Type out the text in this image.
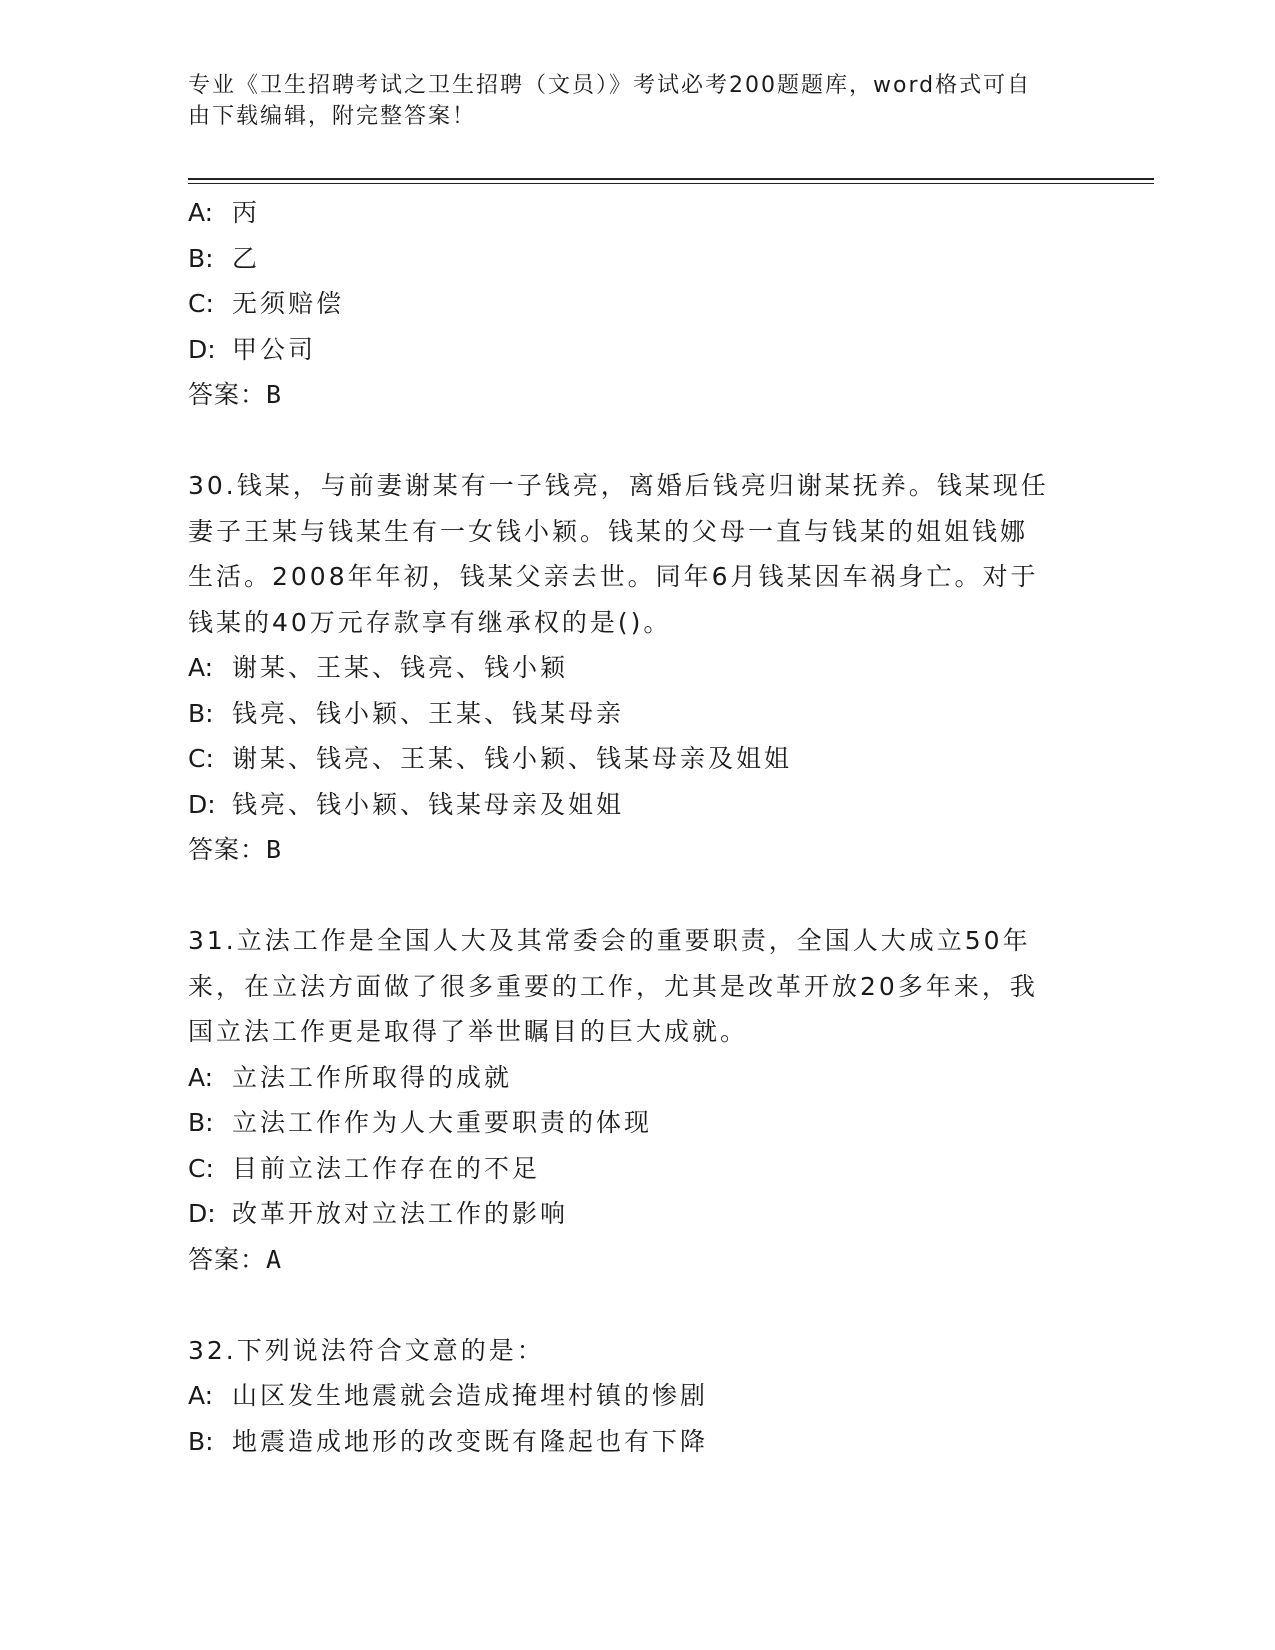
专业《卫生招聘考试之卫生招聘（文员）》考试必考200题题库，word格式可自
由下载编辑，附完整答案！
A: 丙
B: 乙
C: 无须赔偿
D: 甲公司
答案：B
30.钱某，与前妻谢某有一子钱亮，离婚后钱亮归谢某抚养。钱某现任
妻子王某与钱某生有一女钱小颖。钱某的父母一直与钱某的姐姐钱娜
生活。2008年年初，钱某父亲去世。同年6月钱某因车祸身亡。对于
钱某的40万元存款享有继承权的是()。
A: 谢某、王某、钱亮、钱小颖
B: 钱亮、钱小颖、王某、钱某母亲
C: 谢某、钱亮、王某、钱小颖、钱某母亲及姐姐
D: 钱亮、钱小颖、钱某母亲及姐姐
答案：B
31.立法工作是全国人大及其常委会的重要职责，全国人大成立50年
来，在立法方面做了很多重要的工作，尤其是改革开放20多年来，我
国立法工作更是取得了举世瞩目的巨大成就。
A: 立法工作所取得的成就
B: 立法工作作为人大重要职责的体现
C: 目前立法工作存在的不足
D: 改革开放对立法工作的影响
答案：A
32.下列说法符合文意的是：
A: 山区发生地震就会造成掩埋村镇的惨剧
B: 地震造成地形的改变既有隆起也有下降
